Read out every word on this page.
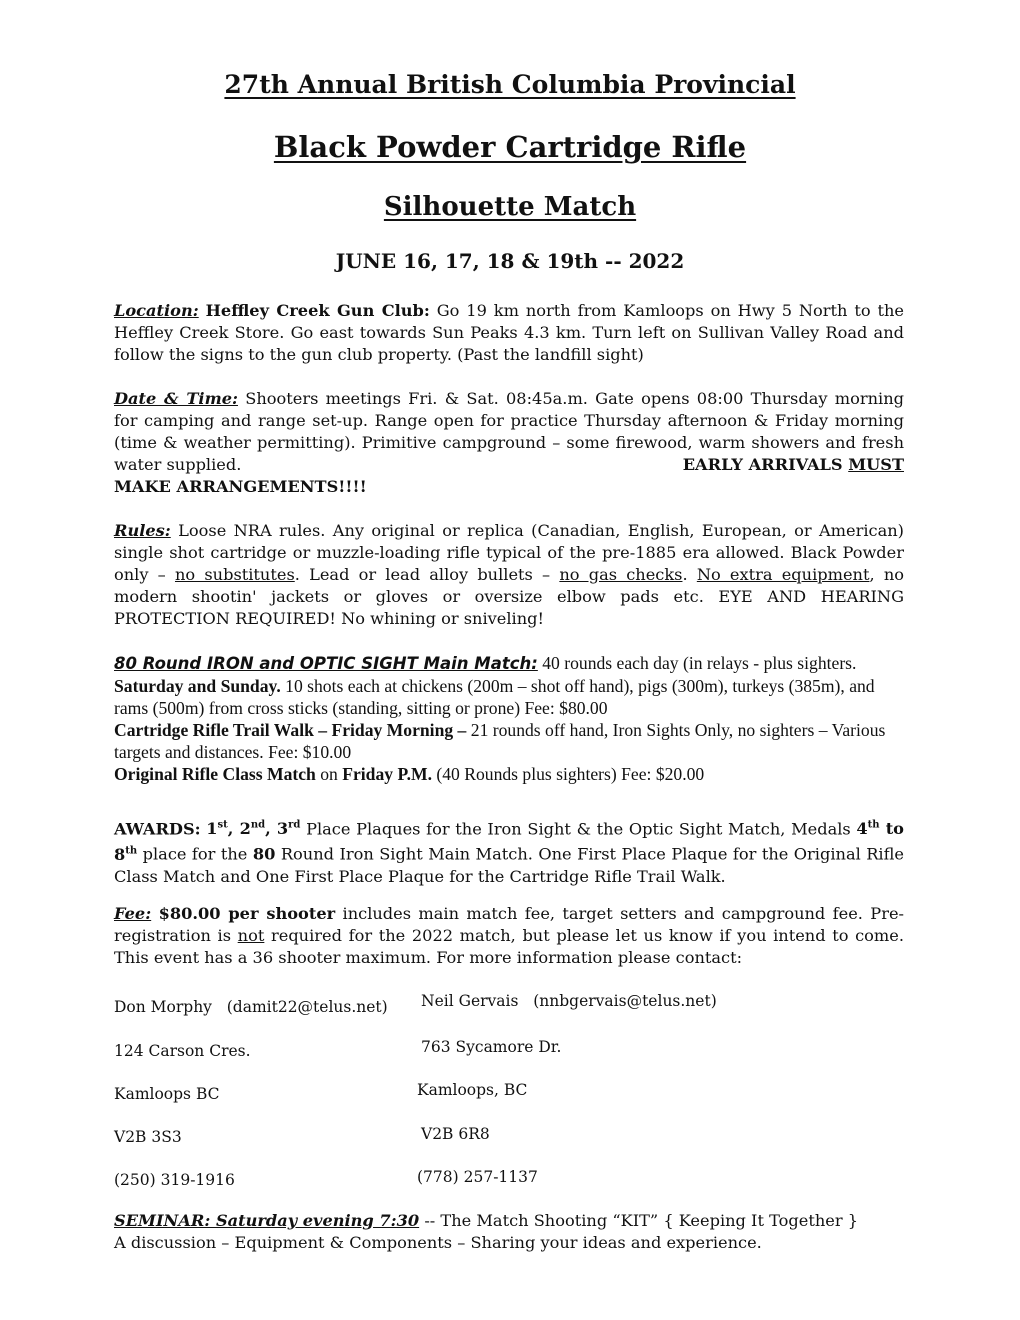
27th Annual British Columbia Provincial
Black Powder Cartridge Rifle
Silhouette Match
JUNE 16, 17, 18 & 19th -- 2022
Location: Heffley Creek Gun Club: Go 19 km north from Kamloops on Hwy 5 North to the Heffley Creek Store. Go east towards Sun Peaks 4.3 km. Turn left on Sullivan Valley Road and follow the signs to the gun club property. (Past the landfill sight)
Date & Time: Shooters meetings Fri. & Sat. 08:45a.m. Gate opens 08:00 Thursday morning for camping and range set-up. Range open for practice Thursday afternoon & Friday morning (time & weather permitting). Primitive campground – some firewood, warm showers and fresh water supplied.	EARLY ARRIVALS MUST

MAKE ARRANGEMENTS!!!!
Rules: Loose NRA rules. Any original or replica (Canadian, English, European, or American) single shot cartridge or muzzle-loading rifle typical of the pre-1885 era allowed. Black Powder only – no substitutes. Lead or lead alloy bullets – no gas checks. No extra equipment, no modern shootin' jackets or gloves or oversize elbow pads etc. EYE AND HEARING PROTECTION REQUIRED! No whining or sniveling!
80 Round IRON and OPTIC SIGHT Main Match: 40 rounds each day (in relays - plus sighters. Saturday and Sunday. 10 shots each at chickens (200m – shot off hand), pigs (300m), turkeys (385m), and rams (500m) from cross sticks (standing, sitting or prone) Fee: $80.00
Cartridge Rifle Trail Walk – Friday Morning – 21 rounds off hand, Iron Sights Only, no sighters – Various targets and distances. Fee: $10.00
Original Rifle Class Match on Friday P.M. (40 Rounds plus sighters) Fee: $20.00
AWARDS: 1st, 2nd, 3rd Place Plaques for the Iron Sight & the Optic Sight Match, Medals 4th to 8th place for the 80 Round Iron Sight Main Match. One First Place Plaque for the Original Rifle Class Match and One First Place Plaque for the Cartridge Rifle Trail Walk.
Fee: $80.00 per shooter includes main match fee, target setters and campground fee. Pre-registration is not required for the 2022 match, but please let us know if you intend to come. This event has a 36 shooter maximum. For more information please contact:
Don Morphy (damit22@telus.net)
124 Carson Cres.
Kamloops BC
V2B 3S3
(250) 319-1916
Neil Gervais (nnbgervais@telus.net)
763 Sycamore Dr.
Kamloops, BC
V2B 6R8
(778) 257-1137
SEMINAR: Saturday evening 7:30 -- The Match Shooting “KIT” { Keeping It Together }
A discussion – Equipment & Components – Sharing your ideas and experience.
